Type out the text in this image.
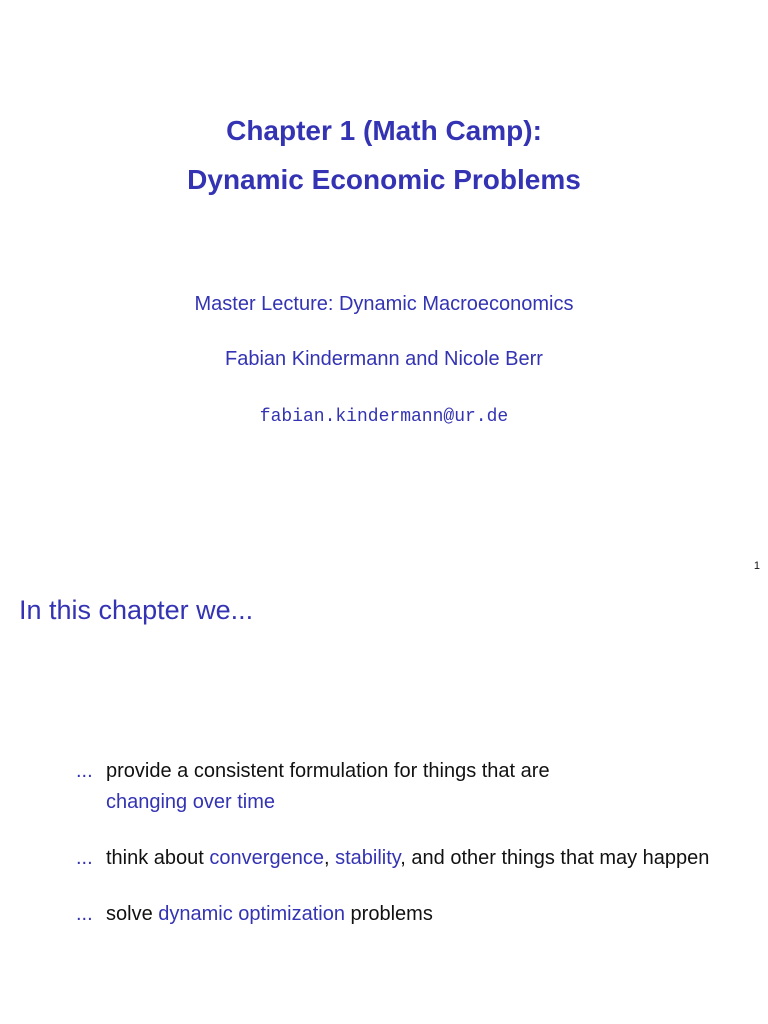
Chapter 1 (Math Camp):
Dynamic Economic Problems
Master Lecture: Dynamic Macroeconomics
Fabian Kindermann and Nicole Berr
fabian.kindermann@ur.de
1
In this chapter we...
... provide a consistent formulation for things that are
changing over time
... think about convergence, stability, and other things that may happen
... solve dynamic optimization problems
